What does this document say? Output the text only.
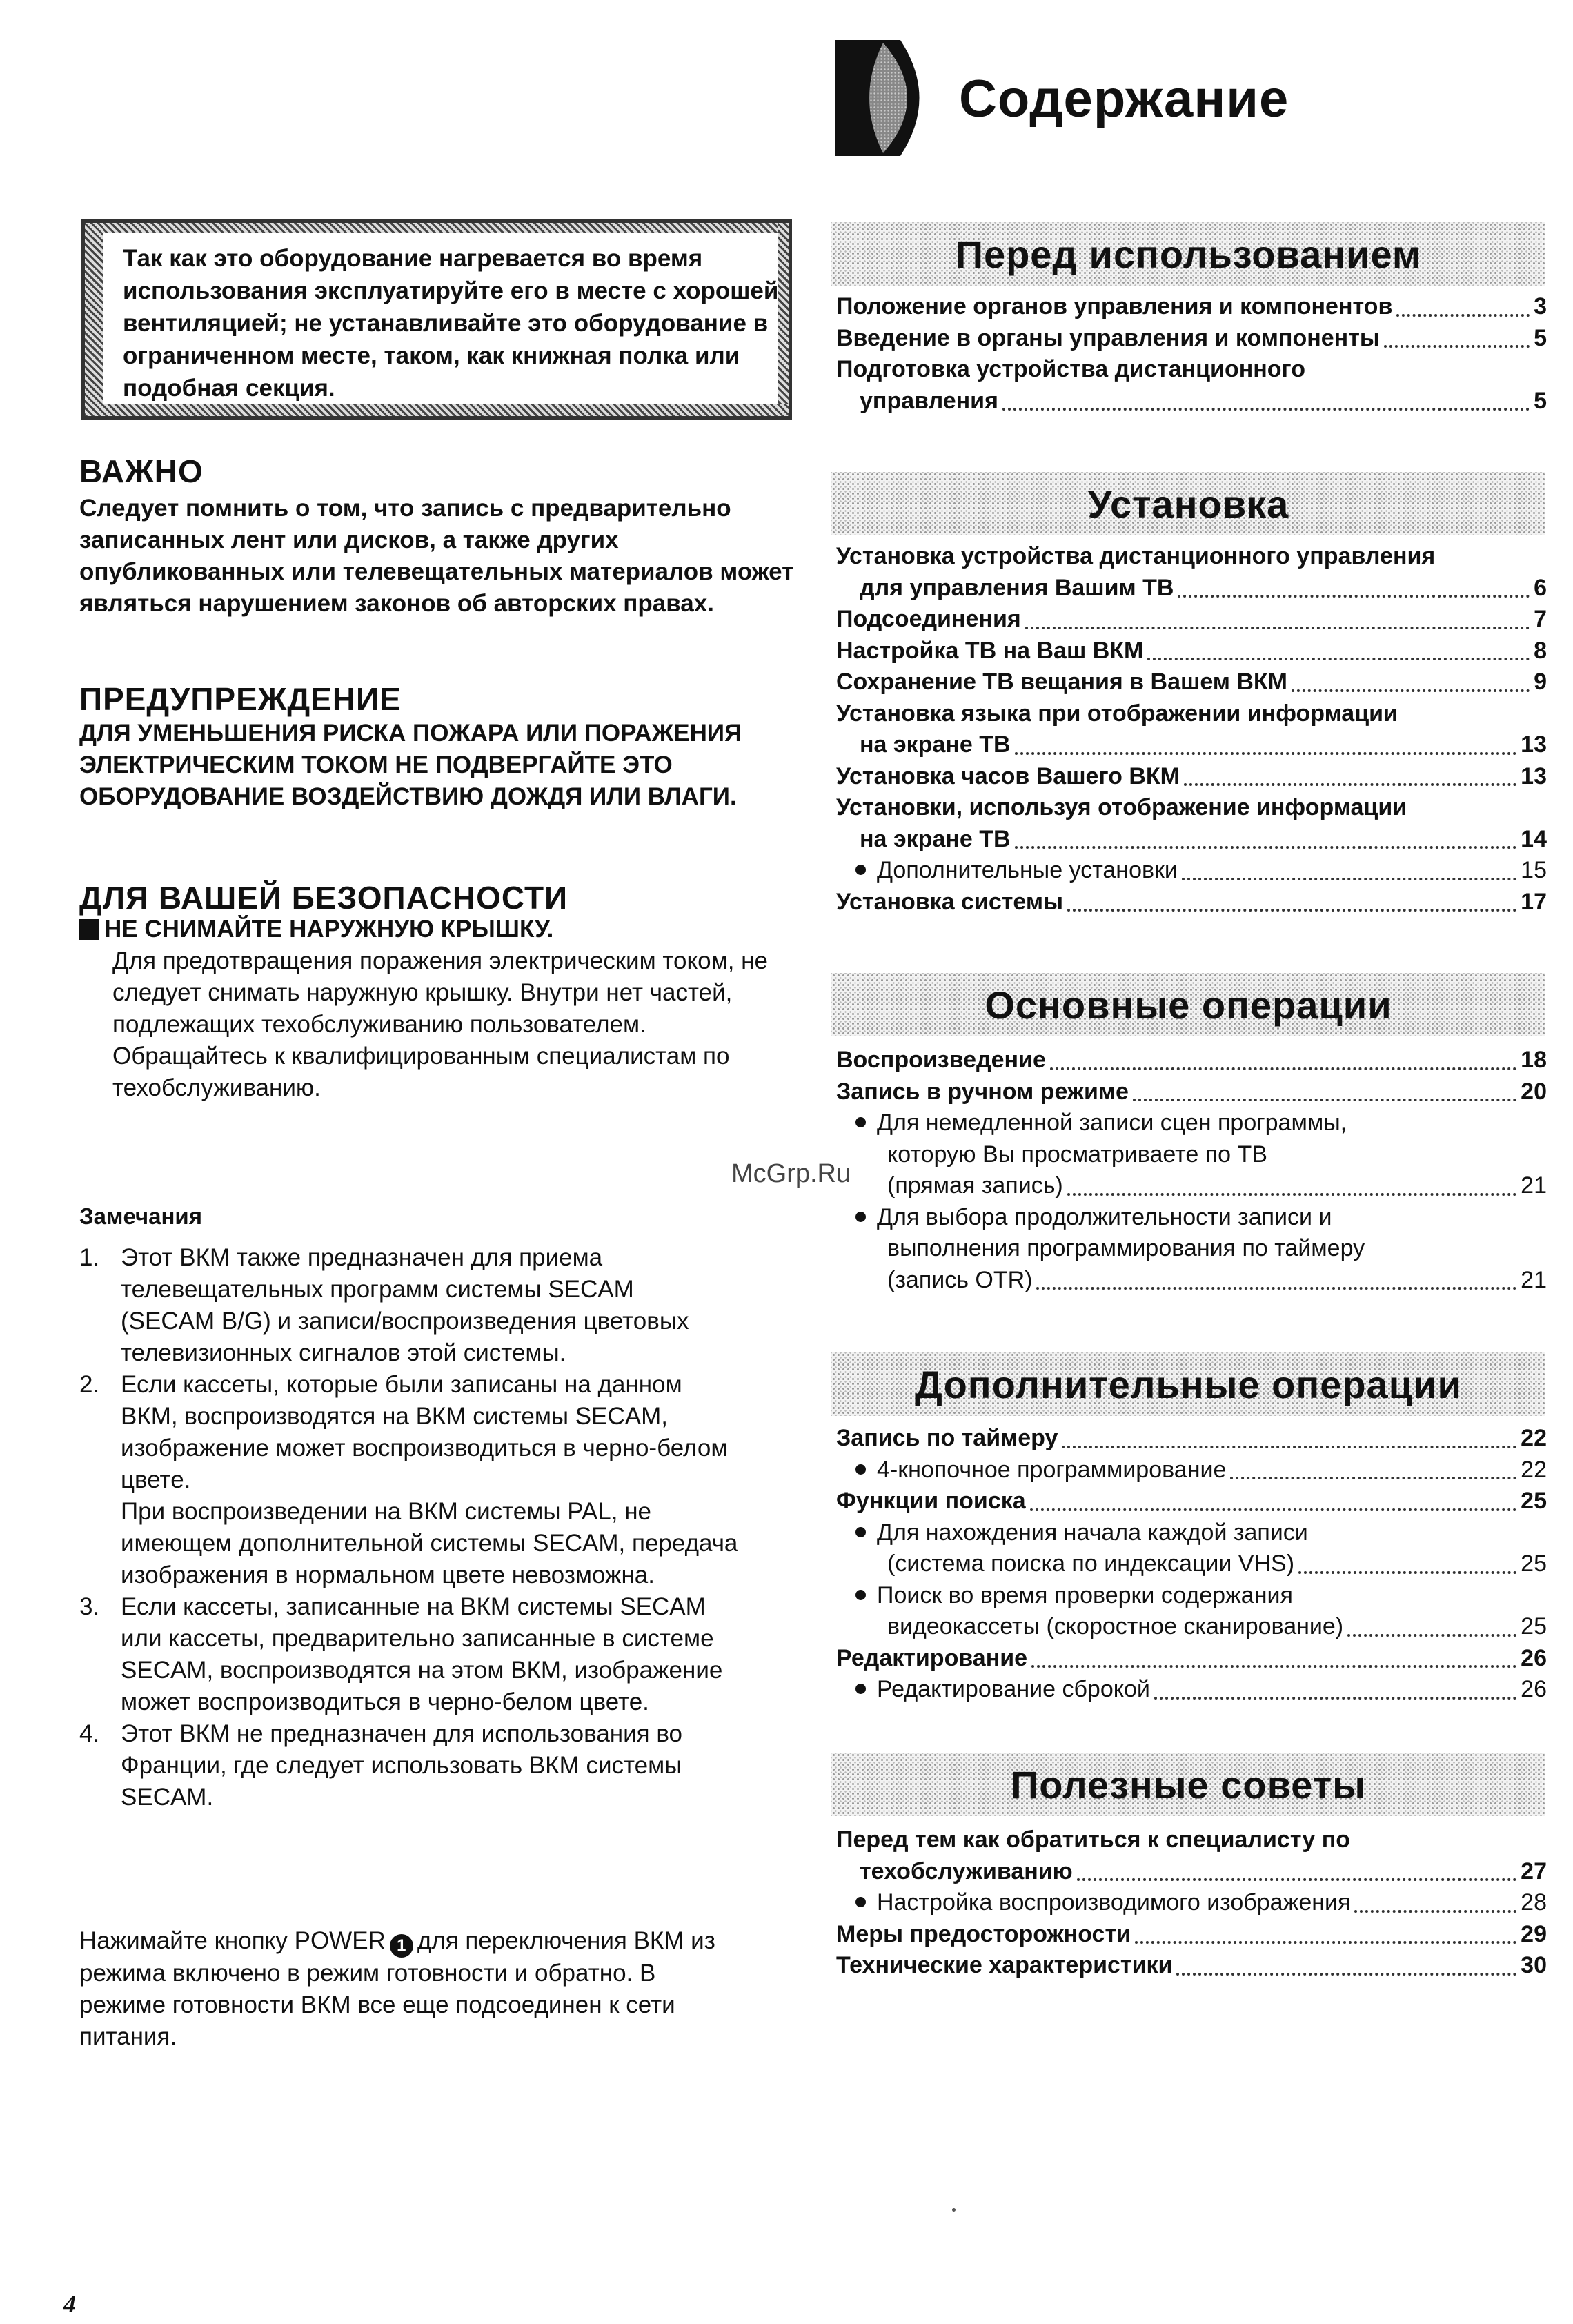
Содержание
Так как это оборудование нагревается во время использования эксплуатируйте его в месте с хорошей вентиляцией; не устанавливайте это оборудование в ограниченном месте, таком, как книжная полка или подобная секция.
ВАЖНО
Следует помнить о том, что запись с предварительно записанных лент или дисков, а также других опубликованных или телевещательных материалов может являться нарушением законов об авторских правах.
ПРЕДУПРЕЖДЕНИЕ
ДЛЯ УМЕНЬШЕНИЯ РИСКА ПОЖАРА ИЛИ ПОРАЖЕНИЯ ЭЛЕКТРИЧЕСКИМ ТОКОМ НЕ ПОДВЕРГАЙТЕ ЭТО ОБОРУДОВАНИЕ ВОЗДЕЙСТВИЮ ДОЖДЯ ИЛИ ВЛАГИ.
ДЛЯ ВАШЕЙ БЕЗОПАСНОСТИ
НЕ СНИМАЙТЕ НАРУЖНУЮ КРЫШКУ.
Для предотвращения поражения электрическим током, не следует снимать наружную крышку. Внутри нет частей, подлежащих техобслуживанию пользователем. Обращайтесь к квалифицированным специалистам по техобслуживанию.
McGrp.Ru
Замечания
1. Этот ВКМ также предназначен для приема
телевещательных программ системы SECAM
(SECAM B/G) и записи/воспроизведения цветовых
телевизионных сигналов этой системы.
2. Если кассеты, которые были записаны на данном
ВКМ, воспроизводятся на ВКМ системы SECAM,
изображение может воспроизводиться в черно-белом
цвете.
При воспроизведении на ВКМ системы PAL, не
имеющем дополнительной системы SECAM, передача
изображения в нормальном цвете невозможна.
3. Если кассеты, записанные на ВКМ системы SECAM
или кассеты, предварительно записанные в системе
SECAM, воспроизводятся на этом ВКМ, изображение
может воспроизводиться в черно-белом цвете.
4. Этот ВКМ не предназначен для использования во
Франции, где следует использовать ВКМ системы
SECAM.
Нажимайте кнопку POWER 1 для переключения ВКМ из
режима включено в режим готовности и обратно. В
режиме готовности ВКМ все еще подсоединен к сети
питания.
Перед использованием
Положение органов управления и компонентов	3
Введение в органы управления и компоненты	5
Подготовка устройства дистанционного
управления	5
Установка
Установка устройства дистанционного управления
для управления Вашим ТВ	6
Подсоединения	7
Настройка ТВ на Ваш ВКМ	8
Сохранение ТВ вещания в Вашем ВКМ	9
Установка языка при отображении информации
на экране ТВ	13
Установка часов Вашего ВКМ	13
Установки, используя отображение информации
на экране ТВ	14
Дополнительные установки	15
Установка системы	17
Основные операции
Воспроизведение	18
Запись в ручном режиме	20
Для немедленной записи сцен программы,
которую Вы просматриваете по ТВ
(прямая запись)	21
Для выбора продолжительности записи и
выполнения программирования по таймеру
(запись OTR)	21
Дополнительные операции
Запись по таймеру	22
4-кнопочное программирование	22
Функции поиска	25
Для нахождения начала каждой записи
(система поиска по индексации VHS)	25
Поиск во время проверки содержания
видеокассеты (скоростное сканирование)	25
Редактирование	26
Редактирование сброкой	26
Полезные советы
Перед тем как обратиться к специалисту по
техобслуживанию	27
Настройка воспроизводимого изображения	28
Меры предосторожности	29
Технические характеристики	30
4
